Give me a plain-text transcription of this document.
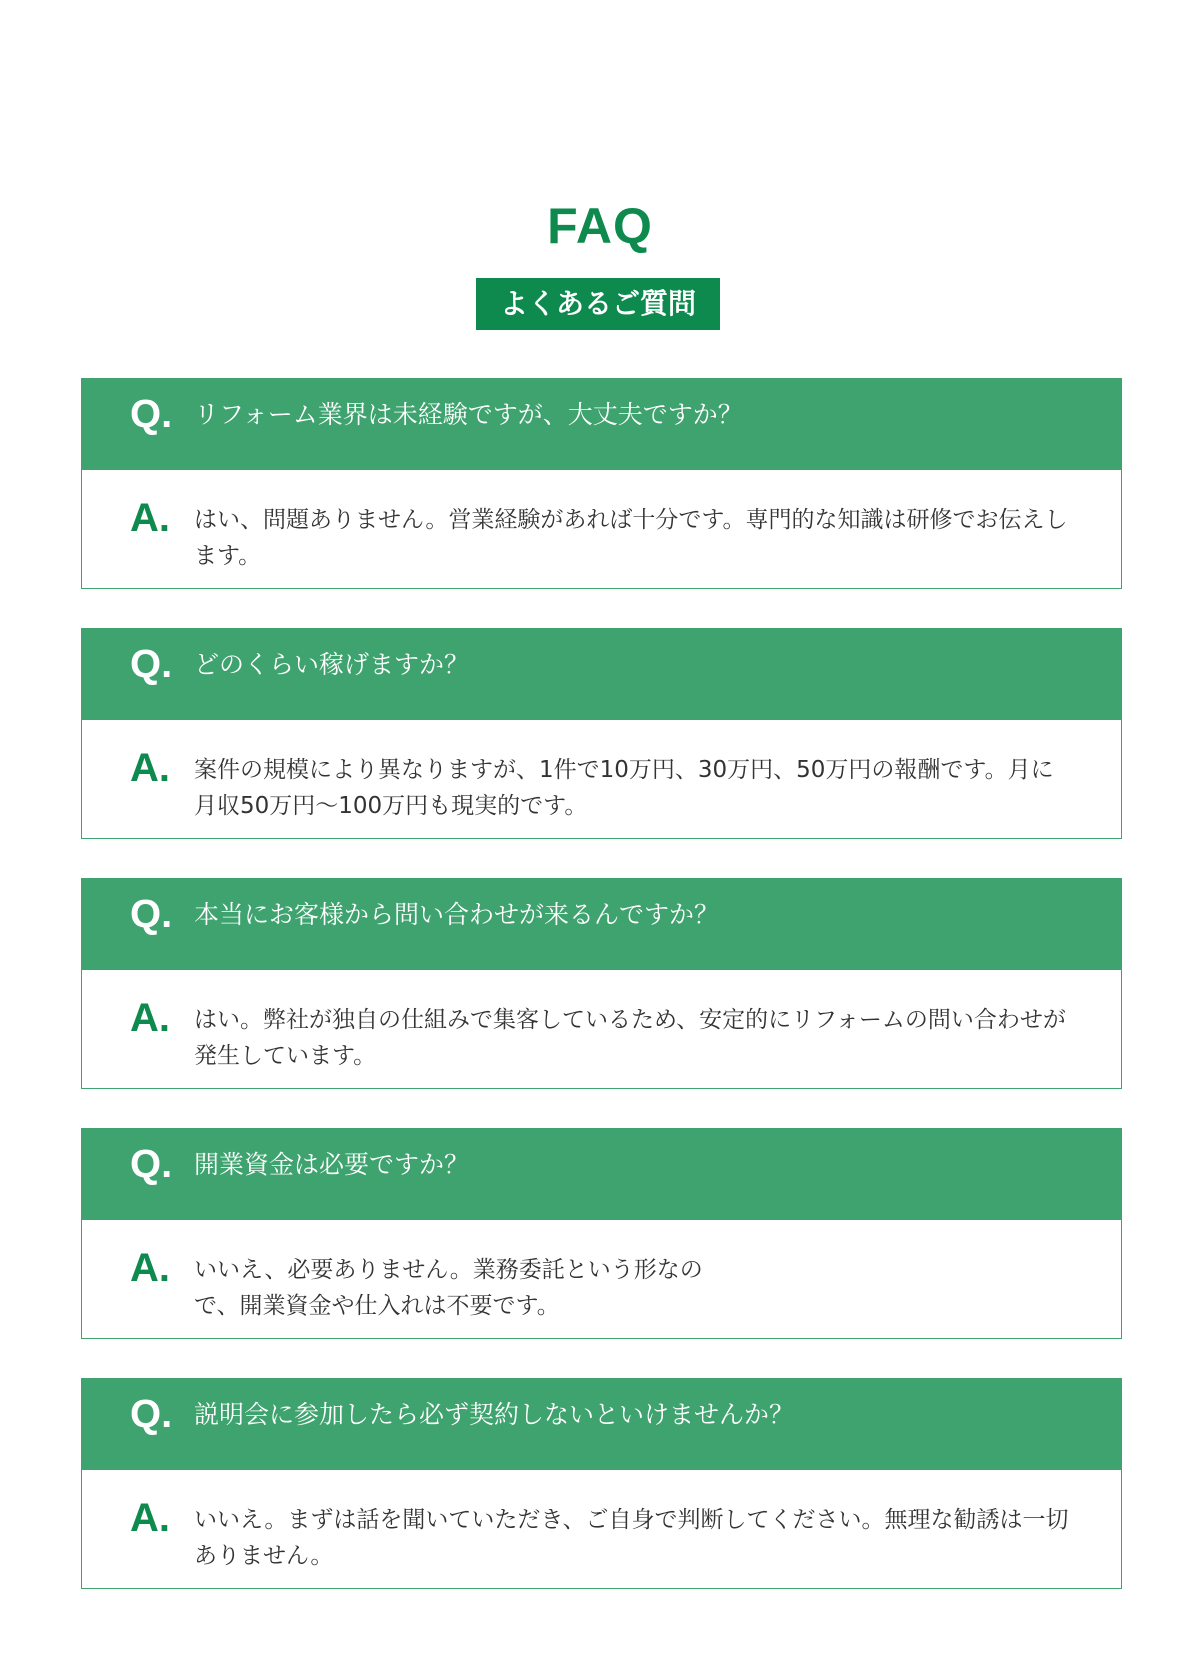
FAQ
よくあるご質問
Q. リフォーム業界は未経験ですが、大丈夫ですか？
A. はい、問題ありません。営業経験があれば十分です。専門的な知識は研修でお伝えします。
Q. どのくらい稼げますか？
A. 案件の規模により異なりますが、1件で10万円、30万円、50万円の報酬です。月に月収50万円〜100万円も現実的です。
Q. 本当にお客様から問い合わせが来るんですか？
A. はい。弊社が独自の仕組みで集客しているため、安定的にリフォームの問い合わせが発生しています。
Q. 開業資金は必要ですか？
A. いいえ、必要ありません。業務委託という形なので、開業資金や仕入れは不要です。
Q. 説明会に参加したら必ず契約しないといけませんか？
A. いいえ。まずは話を聞いていただき、ご自身で判断してください。無理な勧誘は一切ありません。
